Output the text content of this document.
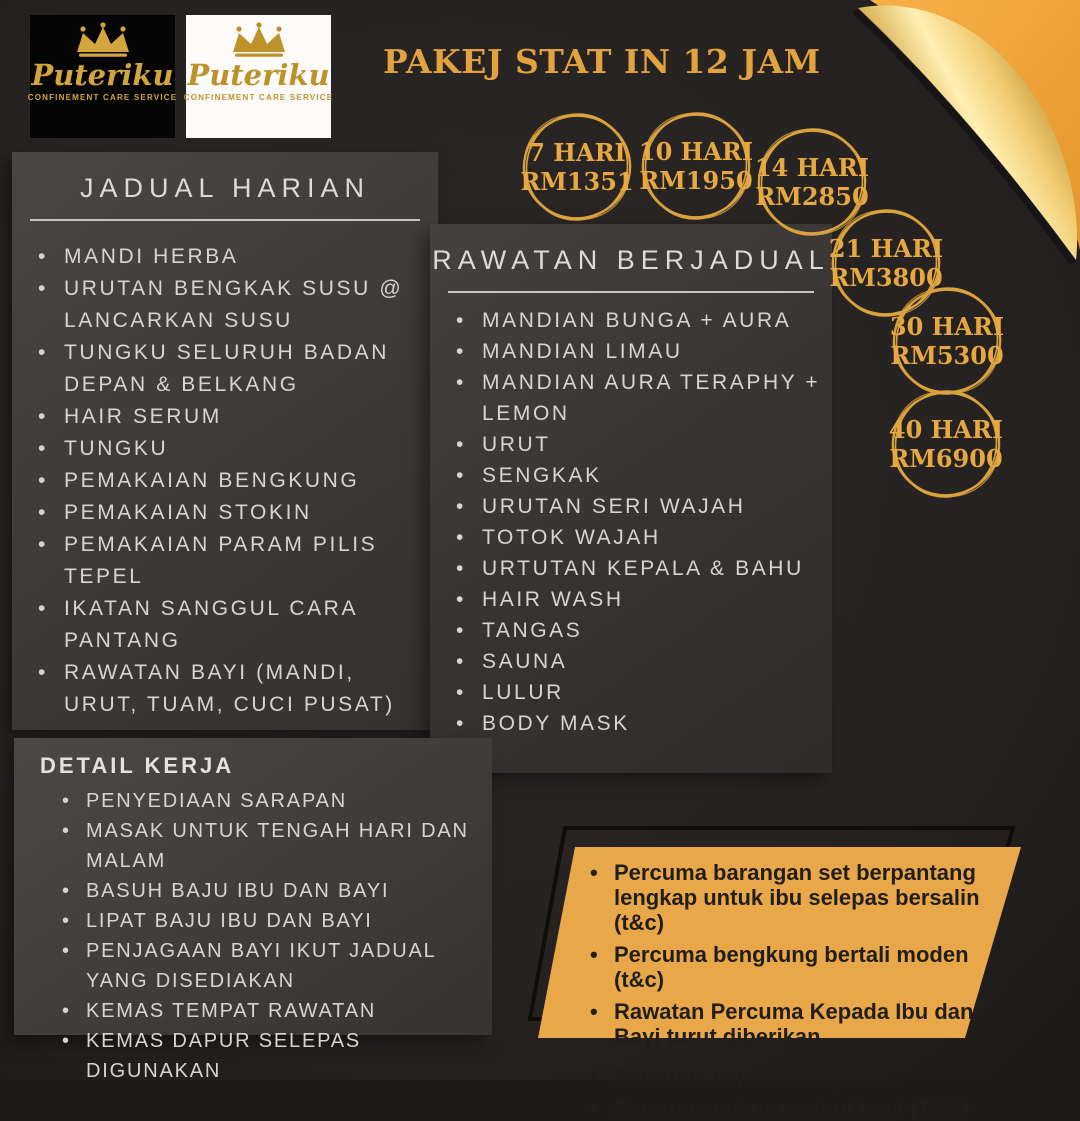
Puteriku
CONFINEMENT CARE SERVICE
Puteriku
CONFINEMENT CARE SERVICE
PAKEJ STAT IN 12 JAM
JADUAL HARIAN
• MANDI HERBA
• URUTAN BENGKAK SUSU @ LANCARKAN SUSU
• TUNGKU SELURUH BADAN DEPAN & BELKANG
• HAIR SERUM
• TUNGKU
• PEMAKAIAN BENGKUNG
• PEMAKAIAN STOKIN
• PEMAKAIAN PARAM PILIS TEPEL
• IKATAN SANGGUL CARA PANTANG
• RAWATAN BAYI (MANDI, URUT, TUAM, CUCI PUSAT)
RAWATAN BERJADUAL
• MANDIAN BUNGA + AURA
• MANDIAN LIMAU
• MANDIAN AURA TERAPHY + LEMON
• URUT
• SENGKAK
• URUTAN SERI WAJAH
• TOTOK WAJAH
• URTUTAN KEPALA & BAHU
• HAIR WASH
• TANGAS
• SAUNA
• LULUR
• BODY MASK
DETAIL KERJA
• PENYEDIAAN SARAPAN
• MASAK UNTUK TENGAH HARI DAN MALAM
• BASUH BAJU IBU DAN BAYI
• LIPAT BAJU IBU DAN BAYI
• PENJAGAAN BAYI IKUT JADUAL YANG DISEDIAKAN
• KEMAS TEMPAT RAWATAN
• KEMAS DAPUR SELEPAS DIGUNAKAN
7 HARI
RM1351
10 HARI
RM1950 14 HARI
RM2850
21 HARI
RM3800
30 HARI
RM5300
40 HARI
RM6900
• Percuma barangan set berpantang lengkap untuk ibu selepas bersalin (t&c)
• Percuma bengkung bertali moden (t&c)
• Rawatan Percuma Kepada Ibu dan Bayi turut diberikan
• Percuma caj pengangkutan
• Percuma cukur rambut bayi (T&C)
